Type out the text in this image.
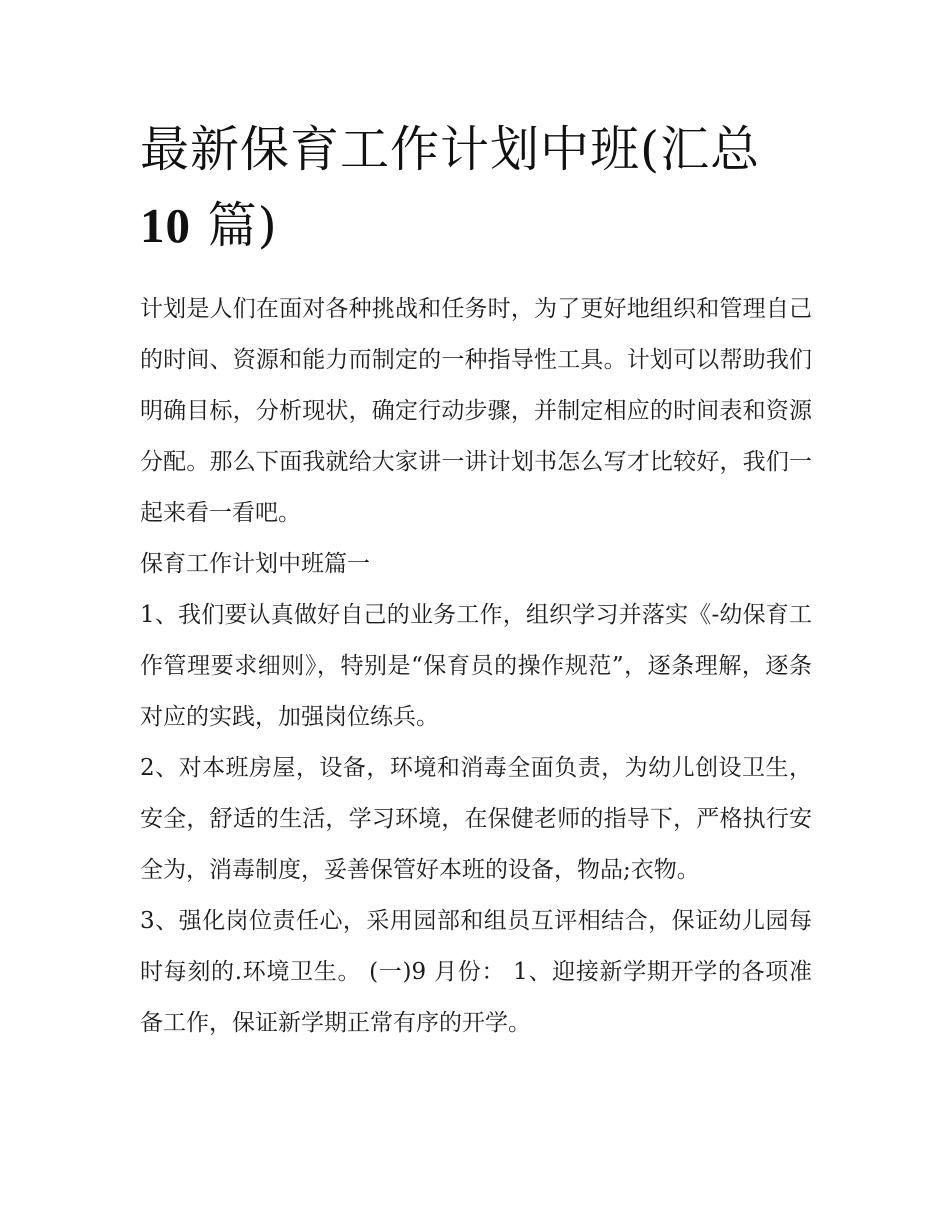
最新保育工作计划中班(汇总
10 篇)

计划是人们在面对各种挑战和任务时，为了更好地组织和管理自己的时间、资源和能力而制定的一种指导性工具。计划可以帮助我们明确目标，分析现状，确定行动步骤，并制定相应的时间表和资源分配。那么下面我就给大家讲一讲计划书怎么写才比较好，我们一起来看一看吧。

保育工作计划中班篇一

1、我们要认真做好自己的业务工作，组织学习并落实《-幼保育工作管理要求细则》，特别是“保育员的操作规范”，逐条理解，逐条对应的实践，加强岗位练兵。

2、对本班房屋，设备，环境和消毒全面负责，为幼儿创设卫生，安全，舒适的生活，学习环境，在保健老师的指导下，严格执行安全为，消毒制度，妥善保管好本班的设备，物品;衣物。

3、强化岗位责任心，采用园部和组员互评相结合，保证幼儿园每时每刻的.环境卫生。 (一)9 月份： 1、迎接新学期开学的各项准备工作，保证新学期正常有序的开学。
